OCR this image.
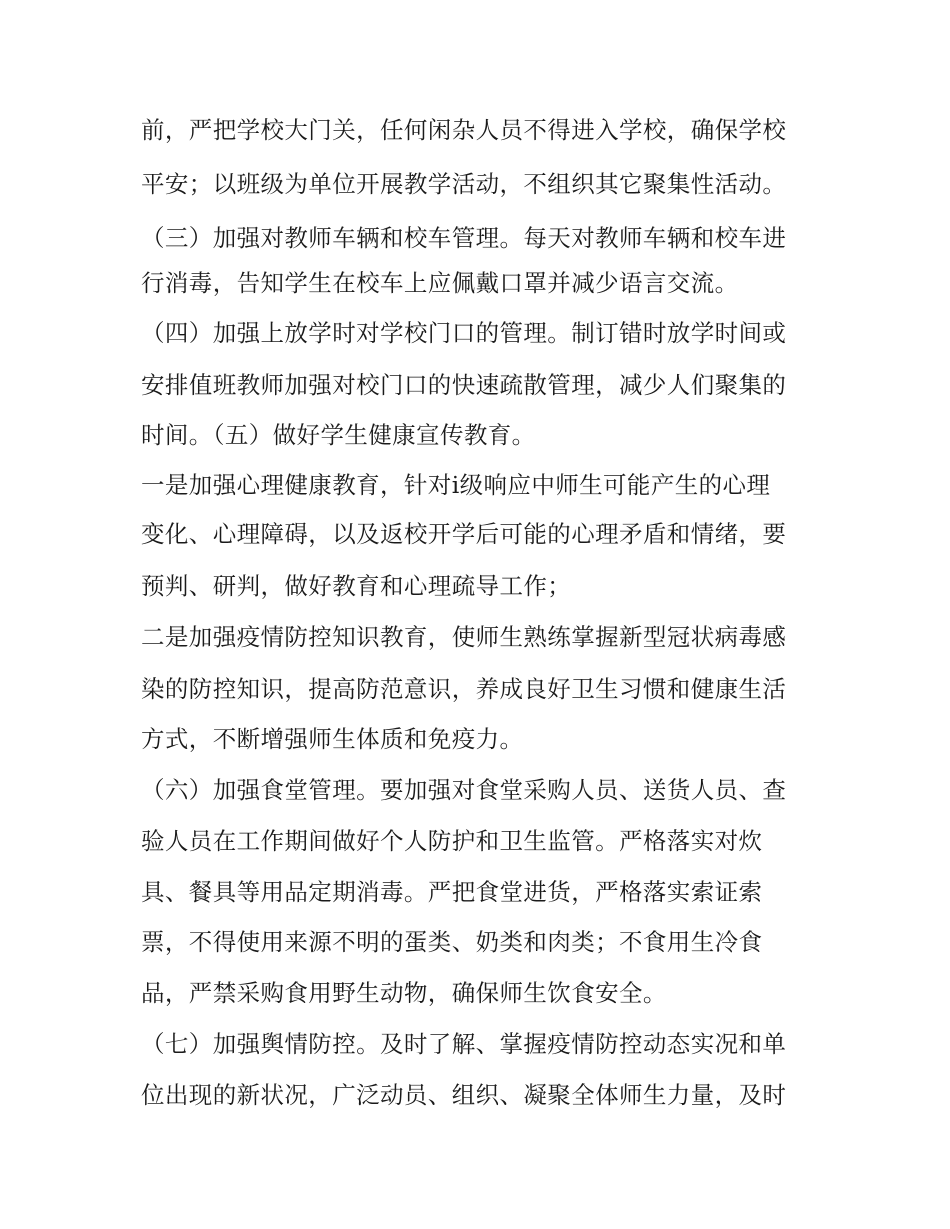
前，严把学校大门关，任何闲杂人员不得进入学校，确保学校
平安；以班级为单位开展教学活动，不组织其它聚集性活动。
（三）加强对教师车辆和校车管理。每天对教师车辆和校车进
行消毒，告知学生在校车上应佩戴口罩并减少语言交流。
（四）加强上放学时对学校门口的管理。制订错时放学时间或
安排值班教师加强对校门口的快速疏散管理，减少人们聚集的
时间。（五）做好学生健康宣传教育。
一是加强心理健康教育，针对ⅰ级响应中师生可能产生的心理
变化、心理障碍，以及返校开学后可能的心理矛盾和情绪，要
预判、研判，做好教育和心理疏导工作；
二是加强疫情防控知识教育，使师生熟练掌握新型冠状病毒感
染的防控知识，提高防范意识，养成良好卫生习惯和健康生活
方式，不断增强师生体质和免疫力。
（六）加强食堂管理。要加强对食堂采购人员、送货人员、查
验人员在工作期间做好个人防护和卫生监管。严格落实对炊
具、餐具等用品定期消毒。严把食堂进货，严格落实索证索
票，不得使用来源不明的蛋类、奶类和肉类；不食用生冷食
品，严禁采购食用野生动物，确保师生饮食安全。
（七）加强舆情防控。及时了解、掌握疫情防控动态实况和单
位出现的新状况，广泛动员、组织、凝聚全体师生力量，及时
